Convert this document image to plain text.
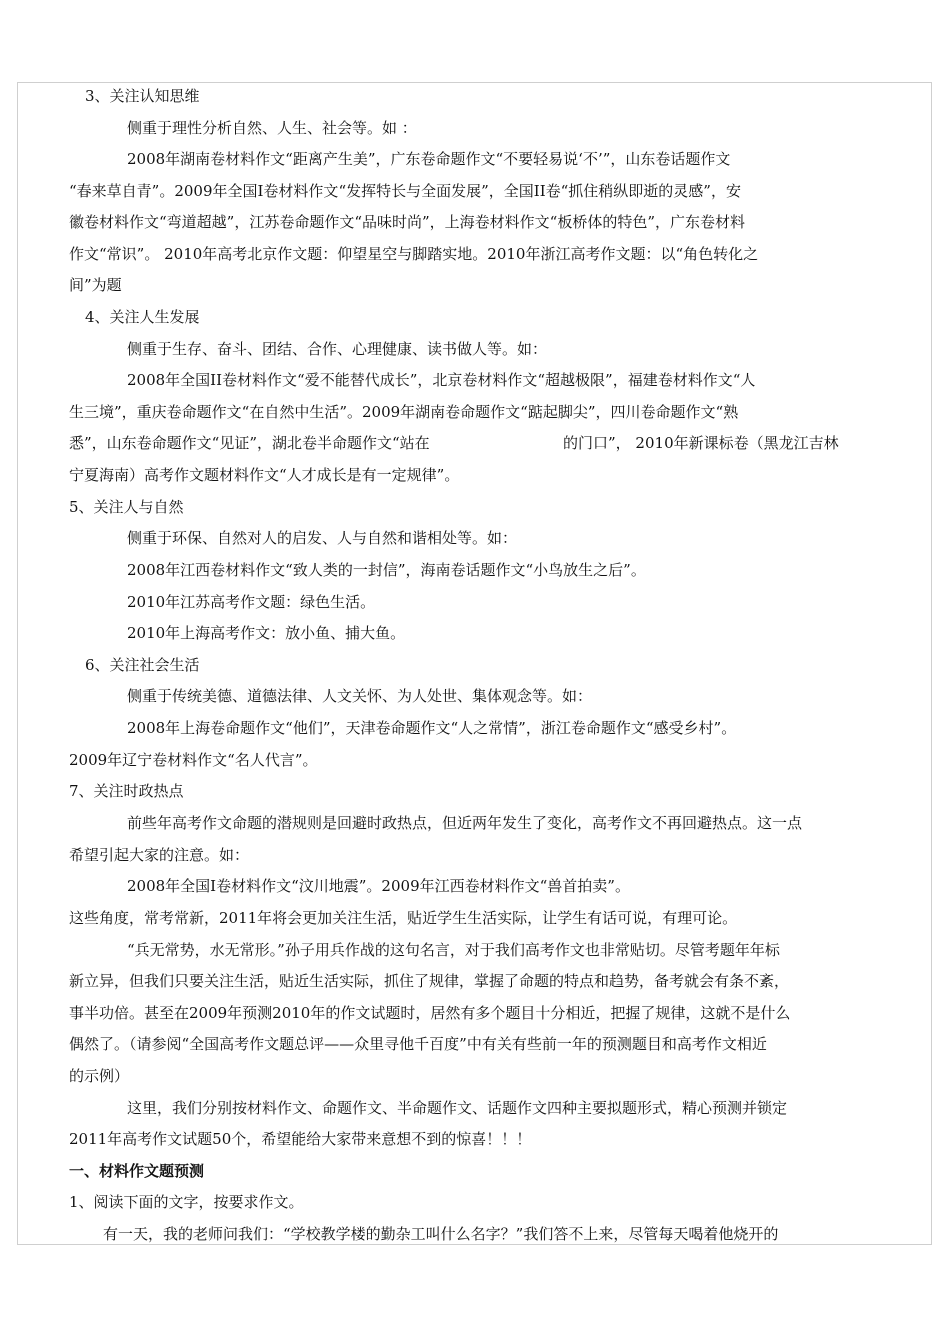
3、关注认知思维
侧重于理性分析自然、人生、社会等。如 ：
2008年湖南卷材料作文“距离产生美”，广东卷命题作文“不要轻易说‘不’”，山东卷话题作文
“春来草自青”。2009年全国Ⅰ卷材料作文“发挥特长与全面发展”，全国II卷“抓住稍纵即逝的灵感”，安
徽卷材料作文“弯道超越”，江苏卷命题作文“品味时尚”，上海卷材料作文“板桥体的特色”，广东卷材料
作文“常识”。 2010年高考北京作文题：仰望星空与脚踏实地。2010年浙江高考作文题：以“角色转化之
间”为题
4、关注人生发展
侧重于生存、奋斗、团结、合作、心理健康、读书做人等。如：
2008年全国II卷材料作文“爱不能替代成长”，北京卷材料作文“超越极限”，福建卷材料作文“人
生三境”，重庆卷命题作文“在自然中生活”。2009年湖南卷命题作文“踮起脚尖”，四川卷命题作文“熟
悉”，山东卷命题作文“见证”，湖北卷半命题作文“站在	的门口”， 2010年新课标卷（黑龙江吉林
宁夏海南）高考作文题材料作文“人才成长是有一定规律”。
5、关注人与自然
侧重于环保、自然对人的启发、人与自然和谐相处等。如：
2008年江西卷材料作文“致人类的一封信”，海南卷话题作文“小鸟放生之后”。
2010年江苏高考作文题：绿色生活。
2010年上海高考作文：放小鱼、捕大鱼。
6、关注社会生活
侧重于传统美德、道德法律、人文关怀、为人处世、集体观念等。如：
2008年上海卷命题作文“他们”，天津卷命题作文“人之常情”，浙江卷命题作文“感受乡村”。
2009年辽宁卷材料作文“名人代言”。
7、关注时政热点
前些年高考作文命题的潜规则是回避时政热点，但近两年发生了变化，高考作文不再回避热点。这一点
希望引起大家的注意。如：
2008年全国Ⅰ卷材料作文“汶川地震”。2009年江西卷材料作文“兽首拍卖”。
这些角度，常考常新，2011年将会更加关注生活，贴近学生生活实际，让学生有话可说，有理可论。
“兵无常势，水无常形。”孙子用兵作战的这句名言，对于我们高考作文也非常贴切。尽管考题年年标
新立异，但我们只要关注生活，贴近生活实际，抓住了规律，掌握了命题的特点和趋势，备考就会有条不紊，
事半功倍。甚至在2009年预测2010年的作文试题时，居然有多个题目十分相近，把握了规律，这就不是什么
偶然了。（请参阅“全国高考作文题总评——众里寻他千百度”中有关有些前一年的预测题目和高考作文相近
的示例）
这里，我们分别按材料作文、命题作文、半命题作文、话题作文四种主要拟题形式，精心预测并锁定
2011年高考作文试题50个，希望能给大家带来意想不到的惊喜！！！
一、材料作文题预测
1、阅读下面的文字，按要求作文。
有一天，我的老师问我们：“学校教学楼的勤杂工叫什么名字？”我们答不上来，尽管每天喝着他烧开的
